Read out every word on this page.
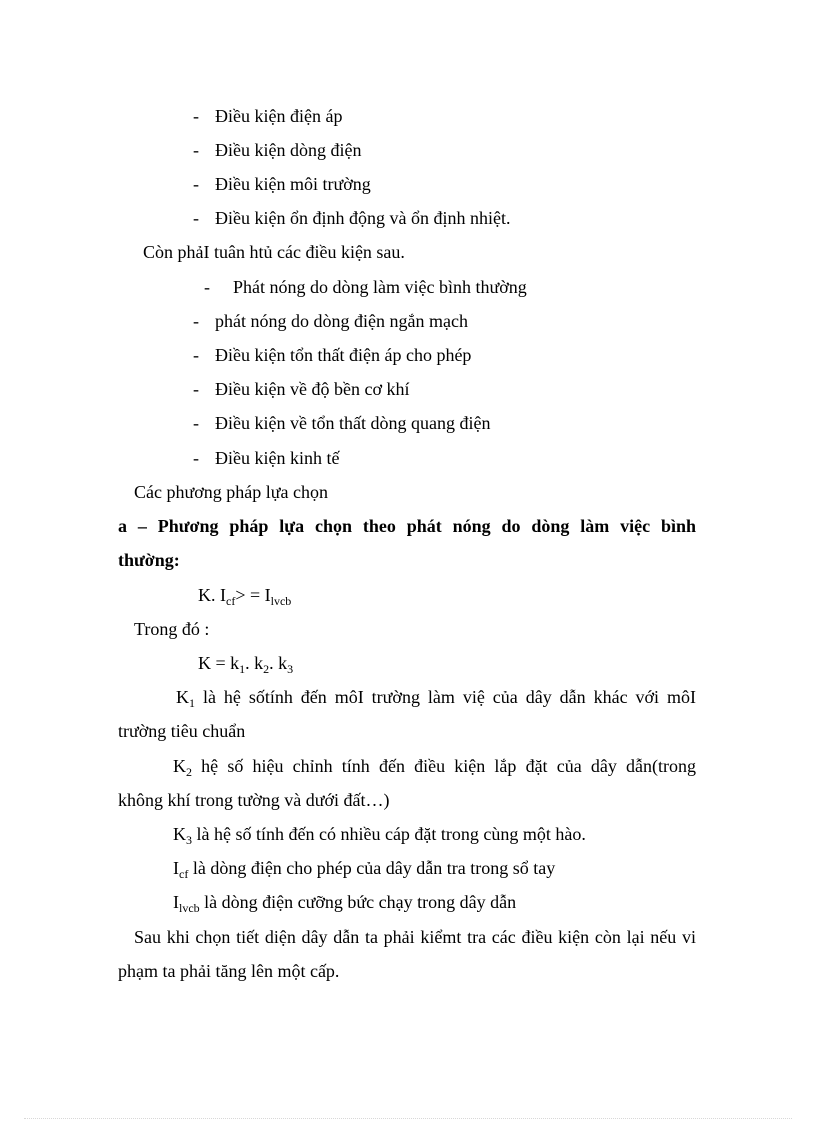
- Điều kiện điện áp
- Điều kiện dòng điện
- Điều kiện môi trường
- Điều kiện ổn định động và ổn định nhiệt.
Còn phảI tuân htủ các điều kiện sau.
- Phát nóng do dòng làm việc bình thường
- phát nóng do dòng điện ngắn mạch
- Điều kiện tổn thất điện áp cho phép
- Điều kiện về độ bền cơ khí
- Điều kiện về tổn thất dòng quang điện
- Điều kiện kinh tế
Các phương pháp lựa chọn
a – Phương pháp lựa chọn theo phát nóng do dòng làm việc bình
thường:
K. $I_{cf}> = I_{lvcb}$
Trong đó :
$K = k_1$. $k_2$. $k_3$
$K_1$ là hệ sốtính đến môI trường làm việ của dây dẫn khác với môI
trường tiêu chuẩn
$K_2$ hệ số hiệu chỉnh tính đến điều kiện lắp đặt của dây dẫn(trong
không khí trong tường và dưới đất…)
$K_3$ là hệ số tính đến có nhiều cáp đặt trong cùng một hào.
$I_{cf}$ là dòng điện cho phép của dây dẫn tra trong sổ tay
$I_{lvcb}$ là dòng điện cưỡng bức chạy trong dây dẫn
Sau khi chọn tiết diện dây dẫn ta phải kiểmt tra các điều kiện còn lại nếu vi
phạm ta phải tăng lên một cấp.
